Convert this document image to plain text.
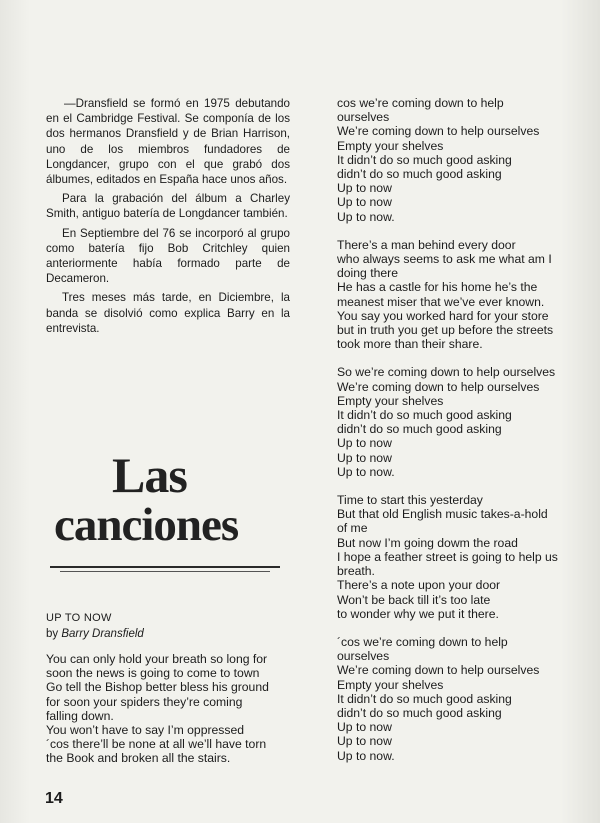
—Dransfield se formó en 1975 debutando en el Cambridge Festival. Se componía de los dos hermanos Dransfield y de Brian Harrison, uno de los miembros fundadores de Longdancer, grupo con el que grabó dos álbumes, editados en España hace unos años.

Para la grabación del álbum a Charley Smith, antiguo batería de Longdancer también.

En Septiembre del 76 se incorporó al grupo como batería fijo Bob Critchley quien anteriormente había formado parte de Decameron.

Tres meses más tarde, en Diciembre, la banda se disolvió como explica Barry en la entrevista.

Las
canciones
UP TO NOW
by Barry Dransfield
You can only hold your breath so long for
soon the news is going to come to town
Go tell the Bishop better bless his ground
for soon your spiders they’re coming
falling down.
You won’t have to say I’m oppressed
´cos there’ll be none at all we’ll have torn
the Book and broken all the stairs.
cos we’re coming down to help
ourselves
We’re coming down to help ourselves
Empty your shelves
It didn’t do so much good asking
didn’t do so much good asking
Up to now
Up to now
Up to now.
There’s a man behind every door
who always seems to ask me what am I
doing there
He has a castle for his home he’s the
meanest miser that we’ve ever known.
You say you worked hard for your store
but in truth you get up before the streets
took more than their share.
So we’re coming down to help ourselves
We’re coming down to help ourselves
Empty your shelves
It didn’t do so much good asking
didn’t do so much good asking
Up to now
Up to now
Up to now.
Time to start this yesterday
But that old English music takes-a-hold
of me
But now I’m going dowm the road
I hope a feather street is going to help us
breath.
There’s a note upon your door
Won’t be back till it’s too late
to wonder why we put it there.
´cos we’re coming down to help
ourselves
We’re coming down to help ourselves
Empty your shelves
It didn’t do so much good asking
didn’t do so much good asking
Up to now
Up to now
Up to now.
14
